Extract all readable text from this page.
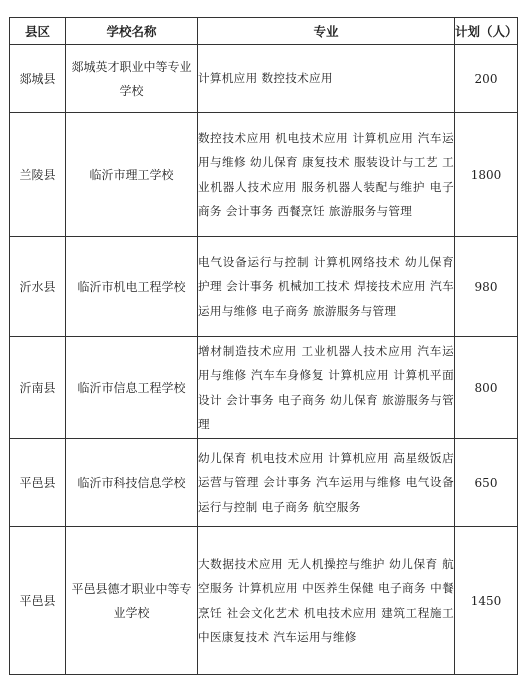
县区	学校名称	专业	计划（人）
郯城县	郯城英才职业中等专业学校	计算机应用 数控技术应用	200
兰陵县	临沂市理工学校	数控技术应用 机电技术应用 计算机应用 汽车运用与维修 幼儿保育 康复技术 服装设计与工艺 工业机器人技术应用 服务机器人装配与维护 电子商务 会计事务 西餐烹饪 旅游服务与管理	1800
沂水县	临沂市机电工程学校	电气设备运行与控制 计算机网络技术 幼儿保育 护理 会计事务 机械加工技术 焊接技术应用 汽车运用与维修 电子商务 旅游服务与管理	980
沂南县	临沂市信息工程学校	增材制造技术应用 工业机器人技术应用 汽车运用与维修 汽车车身修复 计算机应用 计算机平面设计 会计事务 电子商务 幼儿保育 旅游服务与管理	800
平邑县	临沂市科技信息学校	幼儿保育 机电技术应用 计算机应用 高星级饭店运营与管理 会计事务 汽车运用与维修 电气设备运行与控制 电子商务 航空服务	650
平邑县	平邑县德才职业中等专业学校	大数据技术应用 无人机操控与维护 幼儿保育 航空服务 计算机应用 中医养生保健 电子商务 中餐烹饪 社会文化艺术 机电技术应用 建筑工程施工 中医康复技术 汽车运用与维修	1450
